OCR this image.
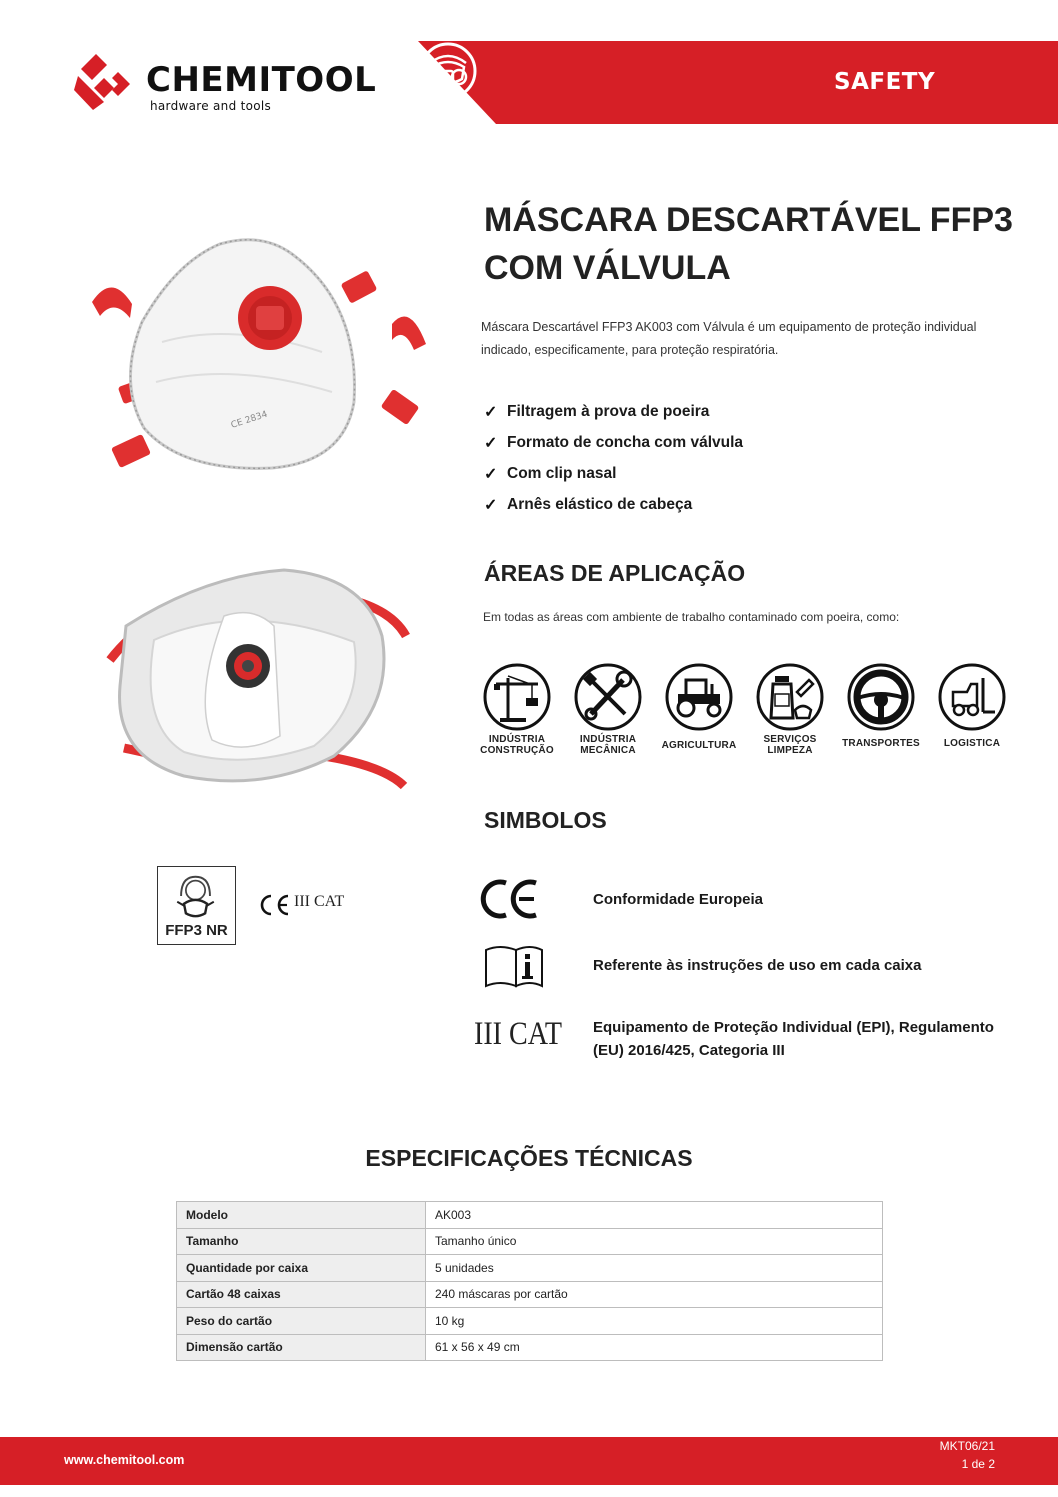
CHEMITOOL
hardware and tools
SAFETY
CE 2834
FFP3 NR
III CAT
MÁSCARA DESCARTÁVEL FFP3
COM VÁLVULA

Máscara Descartável FFP3 AK003 com Válvula é um equipamento de proteção individual indicado, especificamente, para proteção respiratória.

✓ Filtragem à prova de poeira
✓ Formato de concha com válvula
✓ Com clip nasal
✓ Arnês elástico de cabeça
ÁREAS DE APLICAÇÃO

Em todas as áreas com ambiente de trabalho contaminado com poeira, como:

INDÚSTRIA
CONSTRUÇÃO
INDÚSTRIA
MECÂNICA	AGRICULTURA
SERVIÇOS
LIMPEZA
TRANSPORTES	LOGISTICA
SIMBOLOS
Conformidade Europeia
Referente às instruções de uso em cada caixa
III CAT Equipamento de Proteção Individual (EPI), Regulamento
(EU) 2016/425, Categoria III
ESPECIFICAÇÕES TÉCNICAS
Modelo	AK003
Tamanho	Tamanho único
Quantidade por caixa	5 unidades
Cartão 48 caixas	240 máscaras por cartão
Peso do cartão	10 kg
Dimensão cartão	61 x 56 x 49 cm
www.chemitool.com
MKT06/21
1 de 2
